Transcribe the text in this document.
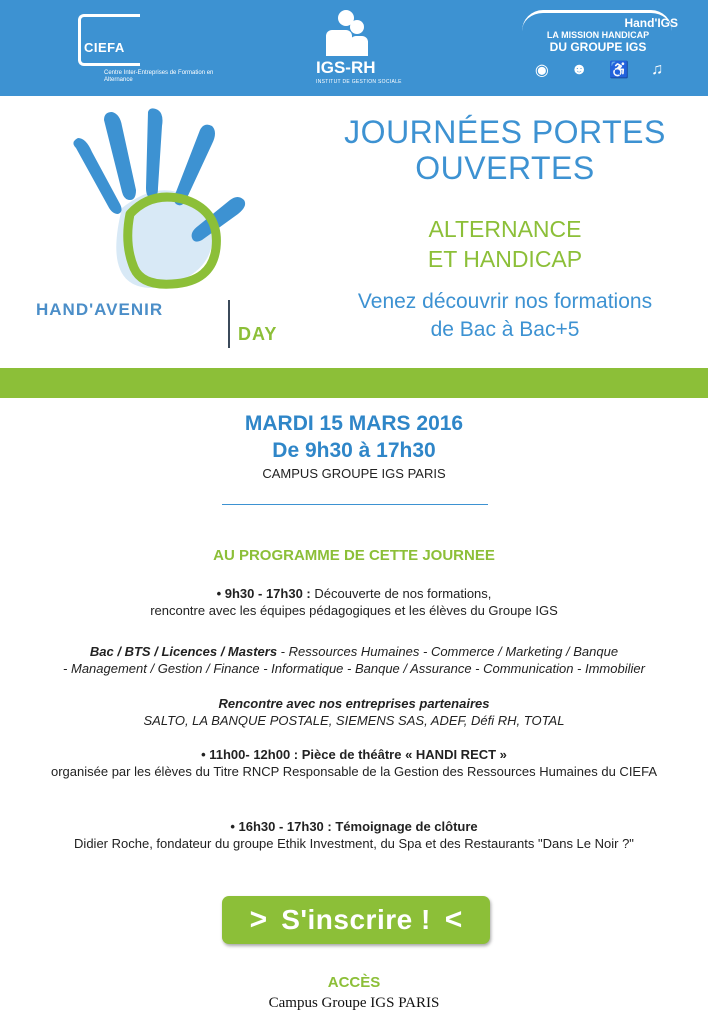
CIEFA
Centre Inter-Entreprises de Formation en Alternance
IGS-RH
INSTITUT DE GESTION SOCIALE
Hand'IGS
LA MISSION HANDICAP
DU GROUPE IGS
◉ ☻ ♿ ♫
HAND'AVENIR
DAY
JOURNÉES PORTES
OUVERTES
ALTERNANCE
ET HANDICAP
Venez découvrir nos formations
de Bac à Bac+5
MARDI 15 MARS 2016
De 9h30 à 17h30
CAMPUS GROUPE IGS PARIS
AU PROGRAMME DE CETTE JOURNEE
• 9h30 - 17h30 : Découverte de nos formations,
rencontre avec les équipes pédagogiques et les élèves du Groupe IGS
Bac / BTS / Licences / Masters - Ressources Humaines - Commerce / Marketing / Banque
- Management / Gestion / Finance - Informatique - Banque / Assurance - Communication - Immobilier
Rencontre avec nos entreprises partenaires
SALTO, LA BANQUE POSTALE, SIEMENS SAS, ADEF, Défi RH, TOTAL
• 11h00- 12h00 : Pièce de théâtre « HANDI RECT »
organisée par les élèves du Titre RNCP Responsable de la Gestion des Ressources Humaines du CIEFA
• 16h30 - 17h30 : Témoignage de clôture
Didier Roche, fondateur du groupe Ethik Investment, du Spa et des Restaurants "Dans Le Noir ?"
> S'inscrire ! <
ACCÈS
Campus Groupe IGS PARIS
